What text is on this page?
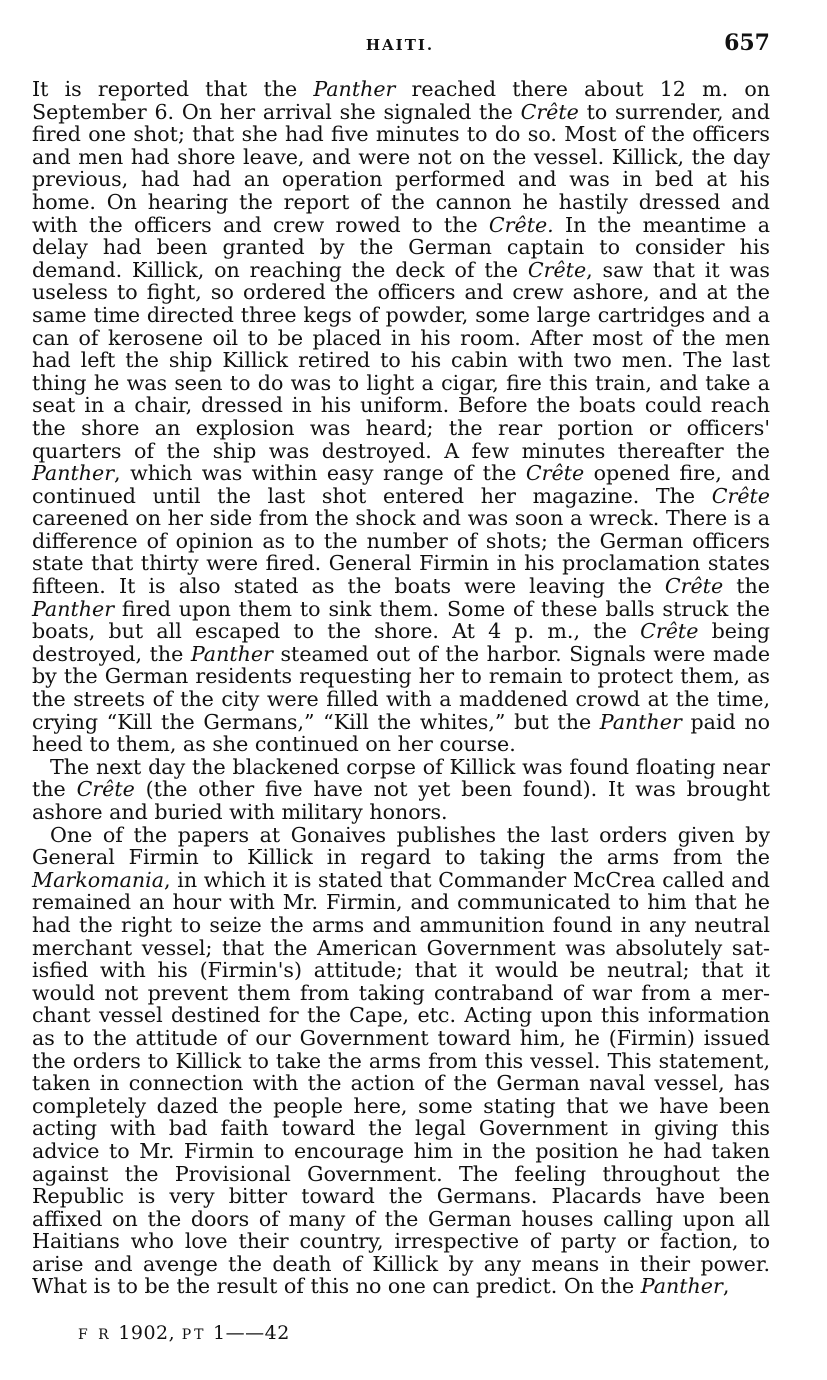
HAITI.	657

It is reported that the Panther reached there about 12 m. on September 6. On her arrival she signaled the Crête to surrender, and fired one shot; that she had five minutes to do so. Most of the officers and men had shore leave, and were not on the vessel. Killick, the day previous, had had an operation performed and was in bed at his home. On hearing the report of the cannon he hastily dressed and with the officers and crew rowed to the Crête. In the meantime a delay had been granted by the German captain to consider his demand. Killick, on reaching the deck of the Crête, saw that it was useless to fight, so ordered the officers and crew ashore, and at the same time directed three kegs of powder, some large cartridges and a can of kerosene oil to be placed in his room. After most of the men had left the ship Killick retired to his cabin with two men. The last thing he was seen to do was to light a cigar, fire this train, and take a seat in a chair, dressed in his uniform. Before the boats could reach the shore an explosion was heard; the rear portion or officers' quarters of the ship was destroyed. A few minutes thereafter the Panther, which was within easy range of the Crête opened fire, and continued until the last shot entered her magazine. The Crête careened on her side from the shock and was soon a wreck. There is a difference of opinion as to the number of shots; the German officers state that thirty were fired. General Firmin in his proclamation states fifteen. It is also stated as the boats were leaving the Crête the Panther fired upon them to sink them. Some of these balls struck the boats, but all escaped to the shore. At 4 p. m., the Crête being destroyed, the Panther steamed out of the harbor. Signals were made by the German residents requesting her to remain to protect them, as the streets of the city were filled with a maddened crowd at the time, crying “Kill the Germans,” “Kill the whites,” but the Panther paid no heed to them, as she continued on her course.

The next day the blackened corpse of Killick was found floating near the Crête (the other five have not yet been found). It was brought ashore and buried with military honors.

One of the papers at Gonaives publishes the last orders given by General Firmin to Killick in regard to taking the arms from the Markomania, in which it is stated that Commander McCrea called and remained an hour with Mr. Firmin, and communicated to him that he had the right to seize the arms and ammunition found in any neutral merchant vessel; that the American Government was absolutely satisfied with his (Firmin's) attitude; that it would be neutral; that it would not prevent them from taking contraband of war from a merchant vessel destined for the Cape, etc. Acting upon this information as to the attitude of our Government toward him, he (Firmin) issued the orders to Killick to take the arms from this vessel. This statement, taken in connection with the action of the German naval vessel, has completely dazed the people here, some stating that we have been acting with bad faith toward the legal Government in giving this advice to Mr. Firmin to encourage him in the position he had taken against the Provisional Government. The feeling throughout the Republic is very bitter toward the Germans. Placards have been affixed on the doors of many of the German houses calling upon all Haitians who love their country, irrespective of party or faction, to arise and avenge the death of Killick by any means in their power. What is to be the result of this no one can predict. On the Panther,

F R 1902, PT 1——42
